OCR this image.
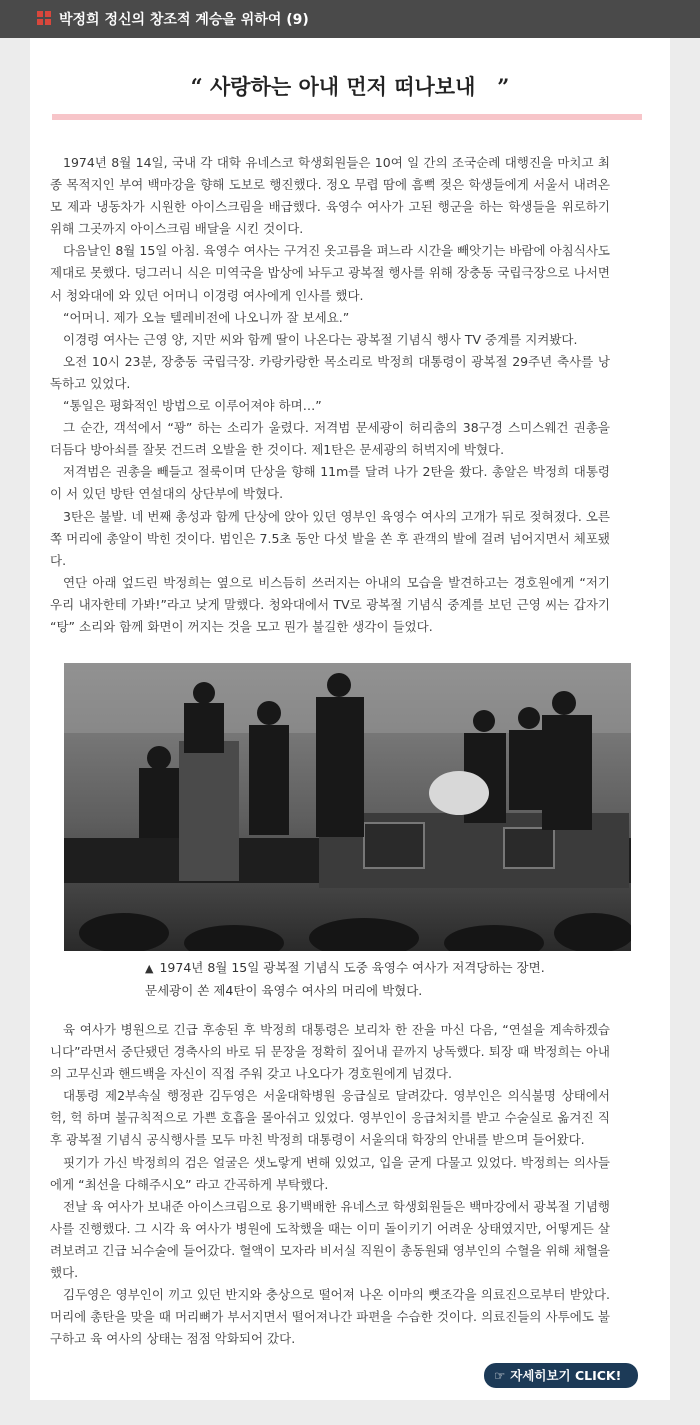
박정희 정신의 창조적 계승을 위하여 (9)
“ 사랑하는 아내 먼저 떠나보내   ”

1974년 8월 14일, 국내 각 대학 유네스코 학생회원들은 10여 일 간의 조국순례 대행진을 마치고 최종 목적지인 부여 백마강을 향해 도보로 행진했다. 정오 무렵 땀에 흠뻑 젖은 학생들에게 서울서 내려온 모 제과 냉동차가 시원한 아이스크림을 배급했다. 육영수 여사가 고된 행군을 하는 학생들을 위로하기 위해 그곳까지 아이스크림 배달을 시킨 것이다.

다음날인 8월 15일 아침. 육영수 여사는 구겨진 옷고름을 펴느라 시간을 빼앗기는 바람에 아침식사도 제대로 못했다. 덩그러니 식은 미역국을 밥상에 놔두고 광복절 행사를 위해 장충동 국립극장으로 나서면서 청와대에 와 있던 어머니 이경령 여사에게 인사를 했다.

“어머니. 제가 오늘 텔레비전에 나오니까 잘 보세요.”

이경령 여사는 근영 양, 지만 씨와 함께 딸이 나온다는 광복절 기념식 행사 TV 중계를 지켜봤다.

오전 10시 23분, 장충동 국립극장. 카랑카랑한 목소리로 박정희 대통령이 광복절 29주년 축사를 낭독하고 있었다.

“통일은 평화적인 방법으로 이루어져야 하며…”

그 순간, 객석에서 “꽝” 하는 소리가 울렸다. 저격범 문세광이 허리춤의 38구경 스미스웨건 권총을 더듬다 방아쇠를 잘못 건드려 오발을 한 것이다. 제1탄은 문세광의 허벅지에 박혔다.

저격범은 권총을 빼들고 절룩이며 단상을 향해 11m를 달려 나가 2탄을 쐈다. 총알은 박정희 대통령이 서 있던 방탄 연설대의 상단부에 박혔다.

3탄은 불발. 네 번째 총성과 함께 단상에 앉아 있던 영부인 육영수 여사의 고개가 뒤로 젖혀졌다. 오른쪽 머리에 총알이 박힌 것이다. 범인은 7.5초 동안 다섯 발을 쏜 후 관객의 발에 걸려 넘어지면서 체포됐다.

연단 아래 엎드린 박정희는 옆으로 비스듬히 쓰러지는 아내의 모습을 발견하고는 경호원에게 “저기 우리 내자한테 가봐!”라고 낮게 말했다. 청와대에서 TV로 광복절 기념식 중계를 보던 근영 씨는 갑자기 “탕” 소리와 함께 화면이 꺼지는 것을 모고 뭔가 불길한 생각이 들었다.

▲ 1974년 8월 15일 광복절 기념식 도중 육영수 여사가 저격당하는 장면.
문세광이 쏜 제4탄이 육영수 여사의 머리에 박혔다.

육 여사가 병원으로 긴급 후송된 후 박정희 대통령은 보리차 한 잔을 마신 다음, “연설을 계속하겠습니다”라면서 중단됐던 경축사의 바로 뒤 문장을 정확히 짚어내 끝까지 낭독했다. 퇴장 때 박정희는 아내의 고무신과 핸드백을 자신이 직접 주워 갖고 나오다가 경호원에게 넘겼다.

대통령 제2부속실 행정관 김두영은 서울대학병원 응급실로 달려갔다. 영부인은 의식불명 상태에서 헉, 헉 하며 불규칙적으로 가쁜 호흡을 몰아쉬고 있었다. 영부인이 응급처치를 받고 수술실로 옮겨진 직후 광복절 기념식 공식행사를 모두 마친 박정희 대통령이 서울의대 학장의 안내를 받으며 들어왔다.

핏기가 가신 박정희의 검은 얼굴은 샛노랗게 변해 있었고, 입을 굳게 다물고 있었다. 박정희는 의사들에게 “최선을 다해주시오” 라고 간곡하게 부탁했다.

전날 육 여사가 보내준 아이스크림으로 용기백배한 유네스코 학생회원들은 백마강에서 광복절 기념행사를 진행했다. 그 시각 육 여사가 병원에 도착했을 때는 이미 돌이키기 어려운 상태였지만, 어떻게든 살려보려고 긴급 뇌수술에 들어갔다. 혈액이 모자라 비서실 직원이 총동원돼 영부인의 수혈을 위해 채혈을 했다.

김두영은 영부인이 끼고 있던 반지와 충상으로 떨어져 나온 이마의 뼛조각을 의료진으로부터 받았다. 머리에 총탄을 맞을 때 머리뼈가 부서지면서 떨어져나간 파편을 수습한 것이다. 의료진들의 사투에도 불구하고 육 여사의 상태는 점점 악화되어 갔다.

☞ 자세히보기 CLICK!
